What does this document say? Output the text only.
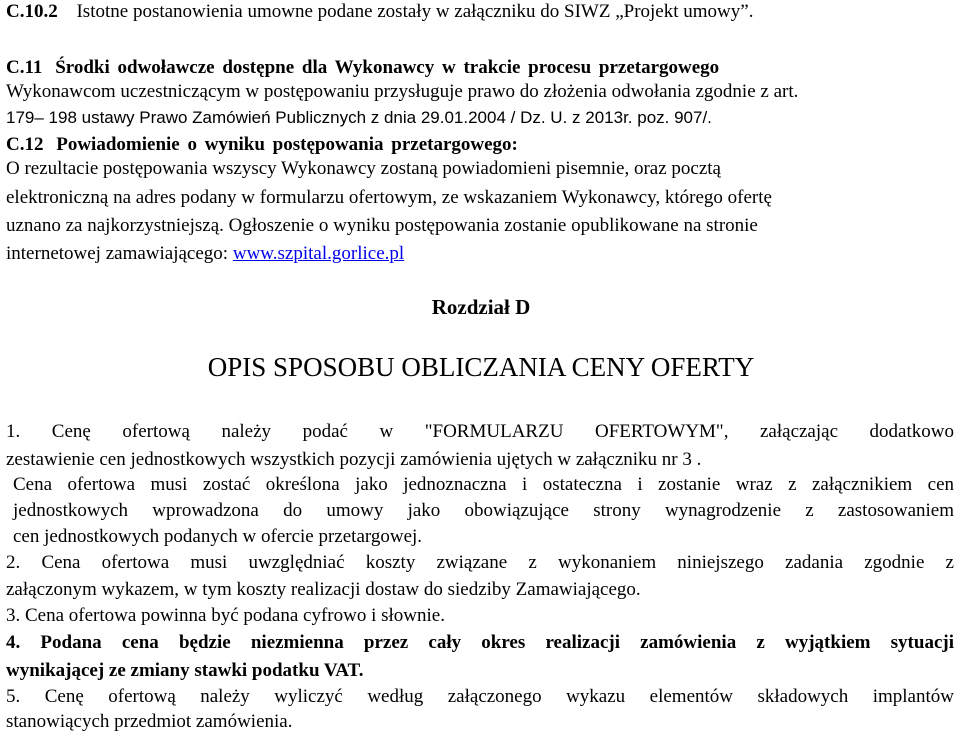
C.10.2 Istotne postanowienia umowne podane zostały w załączniku do SIWZ „Projekt umowy”.

C.11 Środki odwoławcze dostępne dla Wykonawcy w trakcie procesu przetargowego

Wykonawcom uczestniczącym w postępowaniu przysługuje prawo do złożenia odwołania zgodnie z art.

179– 198 ustawy Prawo Zamówień Publicznych z dnia 29.01.2004 / Dz. U. z 2013r. poz. 907/.

C.12 Powiadomienie o wyniku postępowania przetargowego:

O rezultacie postępowania wszyscy Wykonawcy zostaną powiadomieni pisemnie, oraz pocztą

elektroniczną na adres podany w formularzu ofertowym, ze wskazaniem Wykonawcy, którego ofertę

uznano za najkorzystniejszą. Ogłoszenie o wyniku postępowania zostanie opublikowane na stronie

internetowej zamawiającego: www.szpital.gorlice.pl

Rozdział D

OPIS SPOSOBU OBLICZANIA CENY OFERTY

1. Cenę ofertową należy podać w "FORMULARZU OFERTOWYM", załączając dodatkowo

zestawienie cen jednostkowych wszystkich pozycji zamówienia ujętych w załączniku nr 3 .

Cena ofertowa musi zostać określona jako jednoznaczna i ostateczna i zostanie wraz z załącznikiem cen

jednostkowych wprowadzona do umowy jako obowiązujące strony wynagrodzenie z zastosowaniem

cen jednostkowych podanych w ofercie przetargowej.

2. Cena ofertowa musi uwzględniać koszty związane z wykonaniem niniejszego zadania zgodnie z

załączonym wykazem, w tym koszty realizacji dostaw do siedziby Zamawiającego.

3. Cena ofertowa powinna być podana cyfrowo i słownie.

4. Podana cena będzie niezmienna przez cały okres realizacji zamówienia z wyjątkiem sytuacji

wynikającej ze zmiany stawki podatku VAT.

5. Cenę ofertową należy wyliczyć według załączonego wykazu elementów składowych implantów

stanowiących przedmiot zamówienia.
